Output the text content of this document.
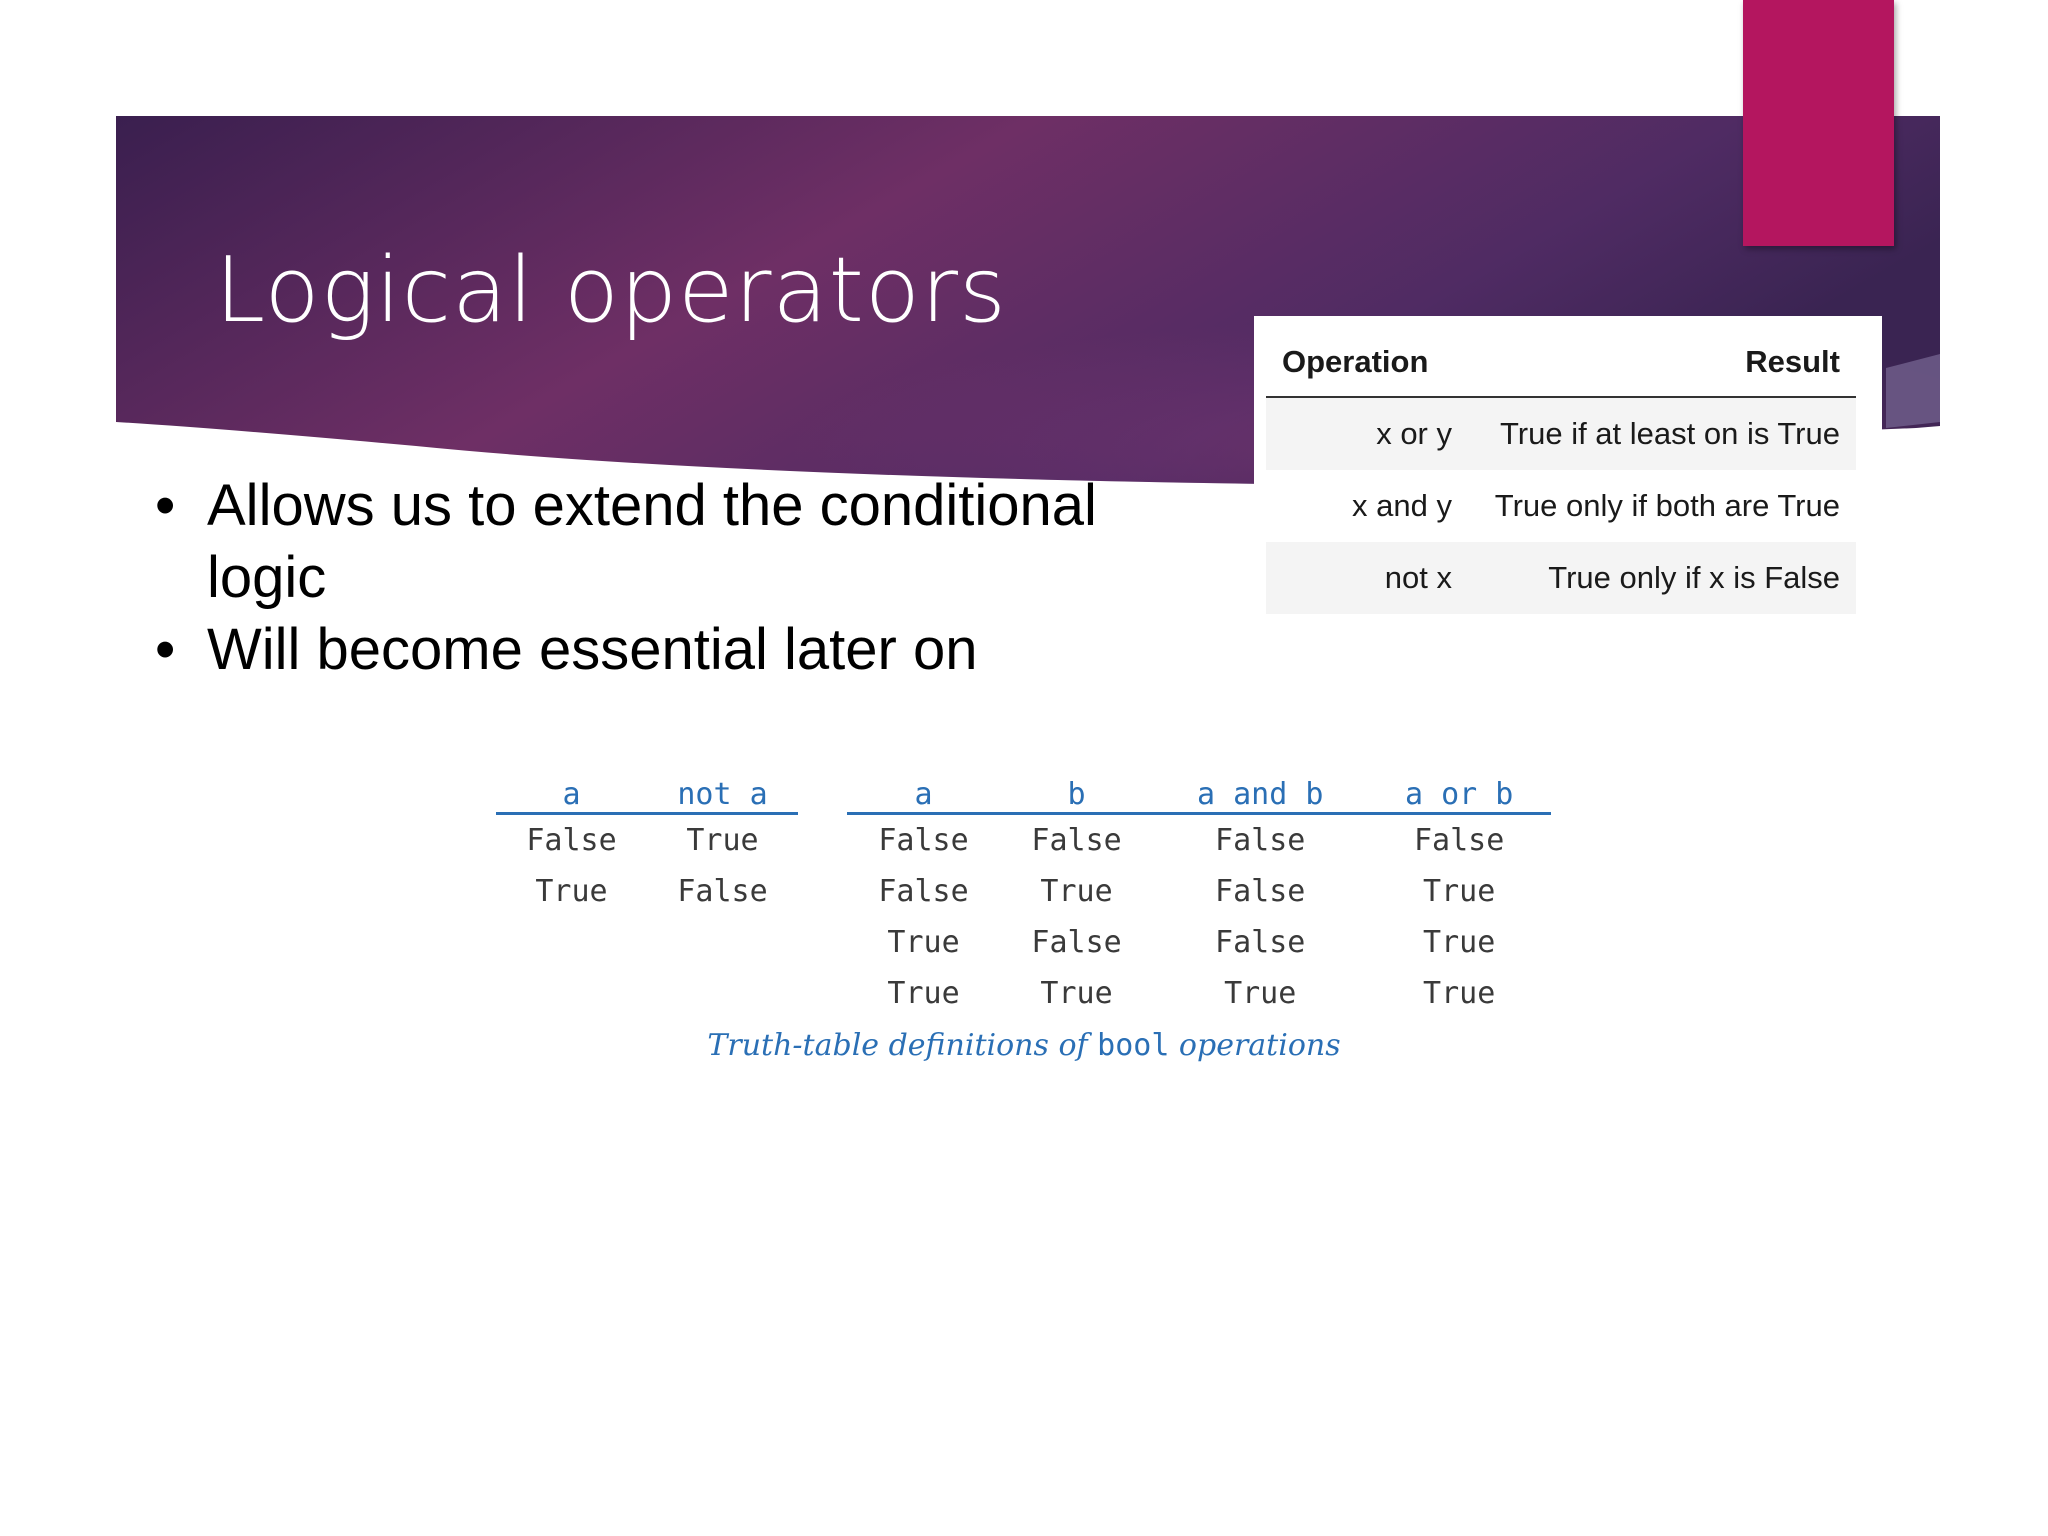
Logical operators
• Allows us to extend the conditional logic
• Will become essential later on
Operation	Result
x or y	True if at least on is True
x and y	True only if both are True
not x	True only if x is False
a	not a
False	True
True	False
a	b	a and b	a or b
False	False	False	False
False	True	False	True
True	False	False	True
True	True	True	True
Truth-table definitions of bool operations
